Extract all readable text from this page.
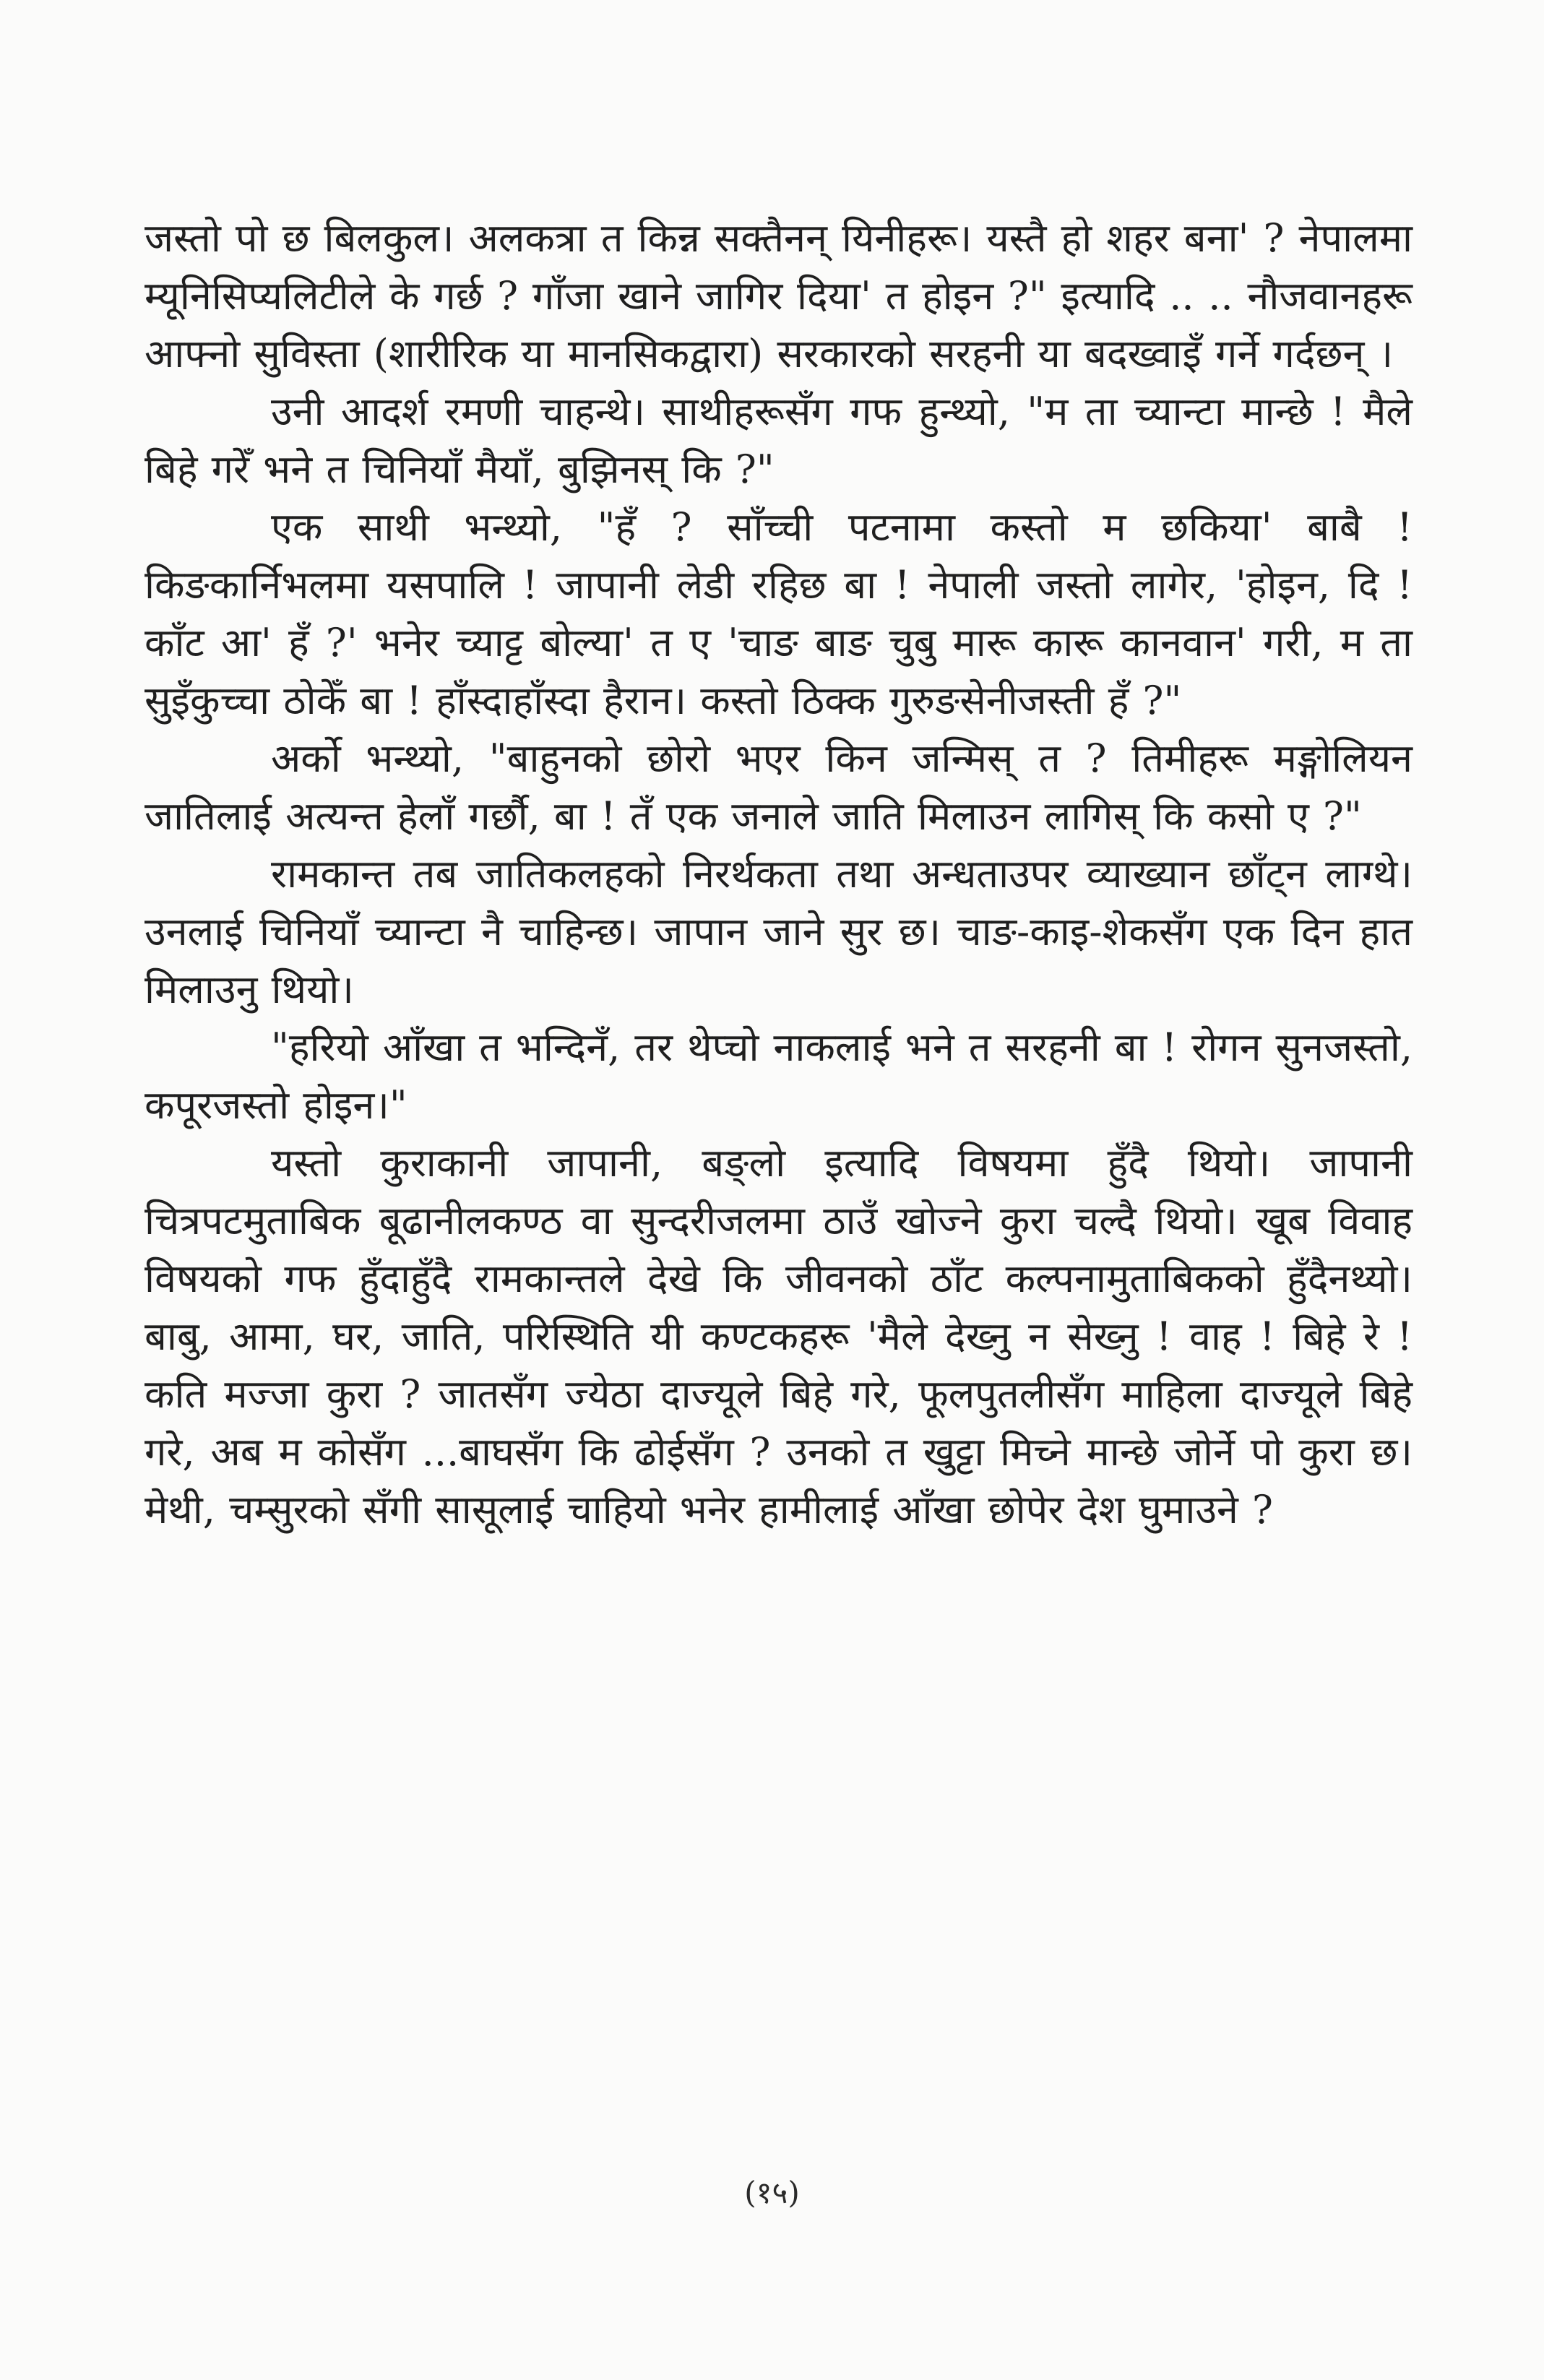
जस्तो पो छ बिलकुल। अलकत्रा त किन्न सक्तैनन् यिनीहरू। यस्तै हो शहर बना' ? नेपालमा म्यूनिसिप्यलिटीले के गर्छ ? गाँजा खाने जागिर दिया' त होइन ?" इत्यादि .. .. नौजवानहरू आफ्नो सुविस्ता (शारीरिक या मानसिकद्वारा) सरकारको सरहनी या बदख्वाइँ गर्ने गर्दछन् ।

उनी आदर्श रमणी चाहन्थे। साथीहरूसँग गफ हुन्थ्यो, "म ता च्यान्टा मान्छे ! मैले बिहे गरेँ भने त चिनियाँ मैयाँ, बुझिनस् कि ?"

एक साथी भन्थ्यो, "हँ ? साँच्ची पटनामा कस्तो म छकिया' बाबै ! किङकार्निभलमा यसपालि ! जापानी लेडी रहिछ बा ! नेपाली जस्तो लागेर, 'होइन, दि ! काँट आ' हँ ?' भनेर च्याट्ट बोल्या' त ए 'चाङ बाङ चुबु मारू कारू कानवान' गरी, म ता सुइँकुच्चा ठोकेँ बा ! हाँस्दाहाँस्दा हैरान। कस्तो ठिक्क गुरुङसेनीजस्ती हँ ?"

अर्को भन्थ्यो, "बाहुनको छोरो भएर किन जन्मिस् त ? तिमीहरू मङ्गोलियन जातिलाई अत्यन्त हेलाँ गर्छौ, बा ! तँ एक जनाले जाति मिलाउन लागिस् कि कसो ए ?"

रामकान्त तब जातिकलहको निरर्थकता तथा अन्धताउपर व्याख्यान छाँट्न लाग्थे। उनलाई चिनियाँ च्यान्टा नै चाहिन्छ। जापान जाने सुर छ। चाङ-काइ-शेकसँग एक दिन हात मिलाउनु थियो।

"हरियो आँखा त भन्दिनँ, तर थेप्चो नाकलाई भने त सरहनी बा ! रोगन सुनजस्तो, कपूरजस्तो होइन।"

यस्तो कुराकानी जापानी, बङ्लो इत्यादि विषयमा हुँदै थियो। जापानी चित्रपटमुताबिक बूढानीलकण्ठ वा सुन्दरीजलमा ठाउँ खोज्ने कुरा चल्दै थियो। खूब विवाह विषयको गफ हुँदाहुँदै रामकान्तले देखे कि जीवनको ठाँट कल्पनामुताबिकको हुँदैनथ्यो। बाबु, आमा, घर, जाति, परिस्थिति यी कण्टकहरू 'मैले देख्नु न सेख्नु ! वाह ! बिहे रे ! कति मज्जा कुरा ? जातसँग ज्येठा दाज्यूले बिहे गरे, फूलपुतलीसँग माहिला दाज्यूले बिहे गरे, अब म कोसँग ...बाघसँग कि ढोईसँग ? उनको त खुट्टा मिच्ने मान्छे जोर्ने पो कुरा छ। मेथी, चम्सुरको सँगी सासूलाई चाहियो भनेर हामीलाई आँखा छोपेर देश घुमाउने ?

(१५)
